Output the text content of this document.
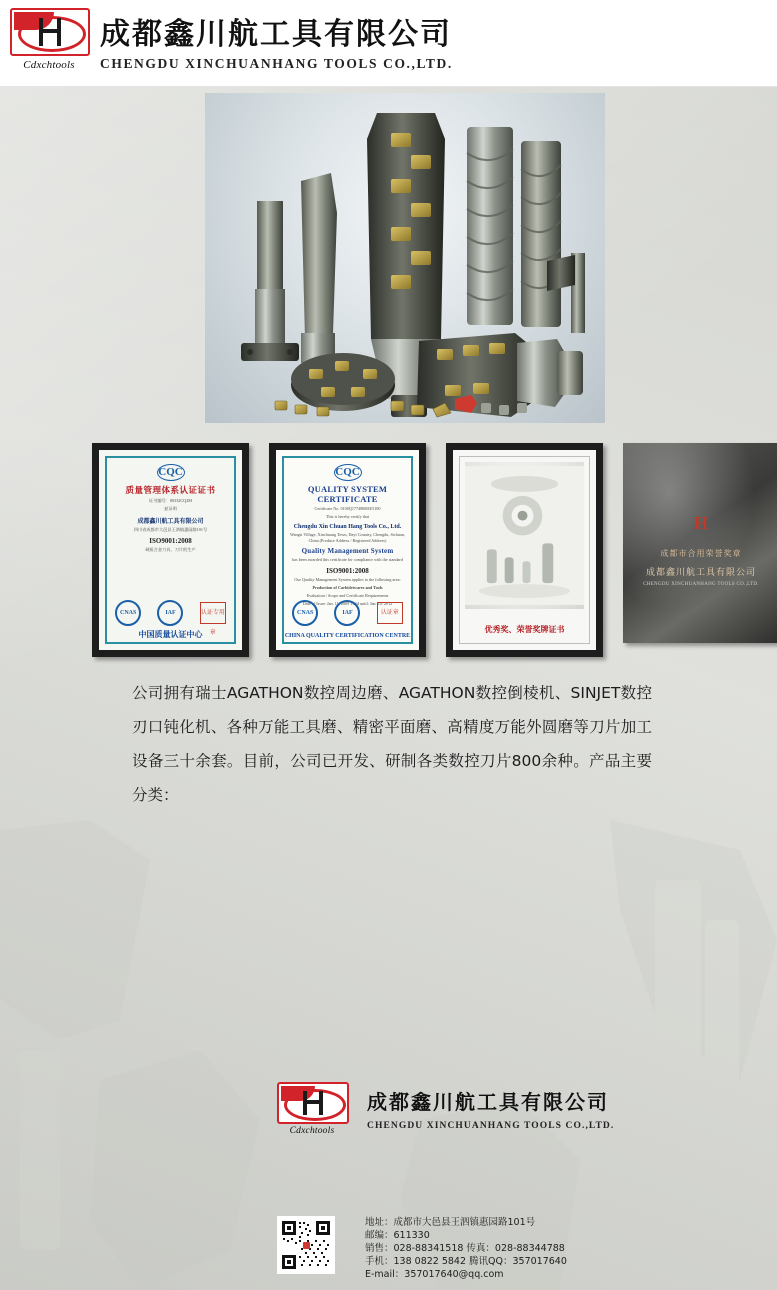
Cdxchtools
成都鑫川航工具有限公司
CHENGDU XINCHUANHANG TOOLS CO.,LTD.
CQC
质量管理体系认证证书
证书编号：00332CQ2M
兹证明
成都鑫川航工具有限公司
四川省成都市大邑县王泗镇惠园路101号
ISO9001:2008
硬质合金刀具、刀片的生产
CNAS	IAF	认证专用章
中国质量认证中心
CQC
QUALITY SYSTEM CERTIFICATE
Certificate No. 0100Q17748R0M/5100
This is hereby certify that
Chengdu Xin Chuan Hang Tools Co., Ltd.
Wangsi Village, Xinchuang Town, Dayi Country, Chengdu, Sichuan, China (Produce Address / Registered Address)
Quality Management System
has been awarded this certificate for compliance with the standard
ISO9001:2008
Our Quality Management System applies to the following area:
Production of Carbidetwares and Tools
Evaluation / Scope and Certificate Requirements
Date of Issue: Jan. 11, 2009 Valid until: Jan. 10, 2012
CNAS	IAF	认证章
CHINA QUALITY CERTIFICATION CENTRE
优秀奖、荣誉奖牌证书
H
成都市合用荣誉奖章
成都鑫川航工具有限公司
CHENGDU XINCHUANHANG TOOLS CO.,LTD.
公司拥有瑞士AGATHON数控周边磨、AGATHON数控倒棱机、SINJET数控刃口钝化机、各种万能工具磨、精密平面磨、高精度万能外圆磨等刀片加工设备三十余套。目前，公司已开发、研制各类数控刀片800余种。产品主要分类：
Cdxchtools
成都鑫川航工具有限公司
CHENGDU XINCHUANHANG TOOLS CO.,LTD.
地址：成都市大邑县王泗镇惠园路101号
邮编：611330
销售：028-88341518 传真：028-88344788
手机：138 0822 5842 腾讯QQ：357017640
E-mail：357017640@qq.com
